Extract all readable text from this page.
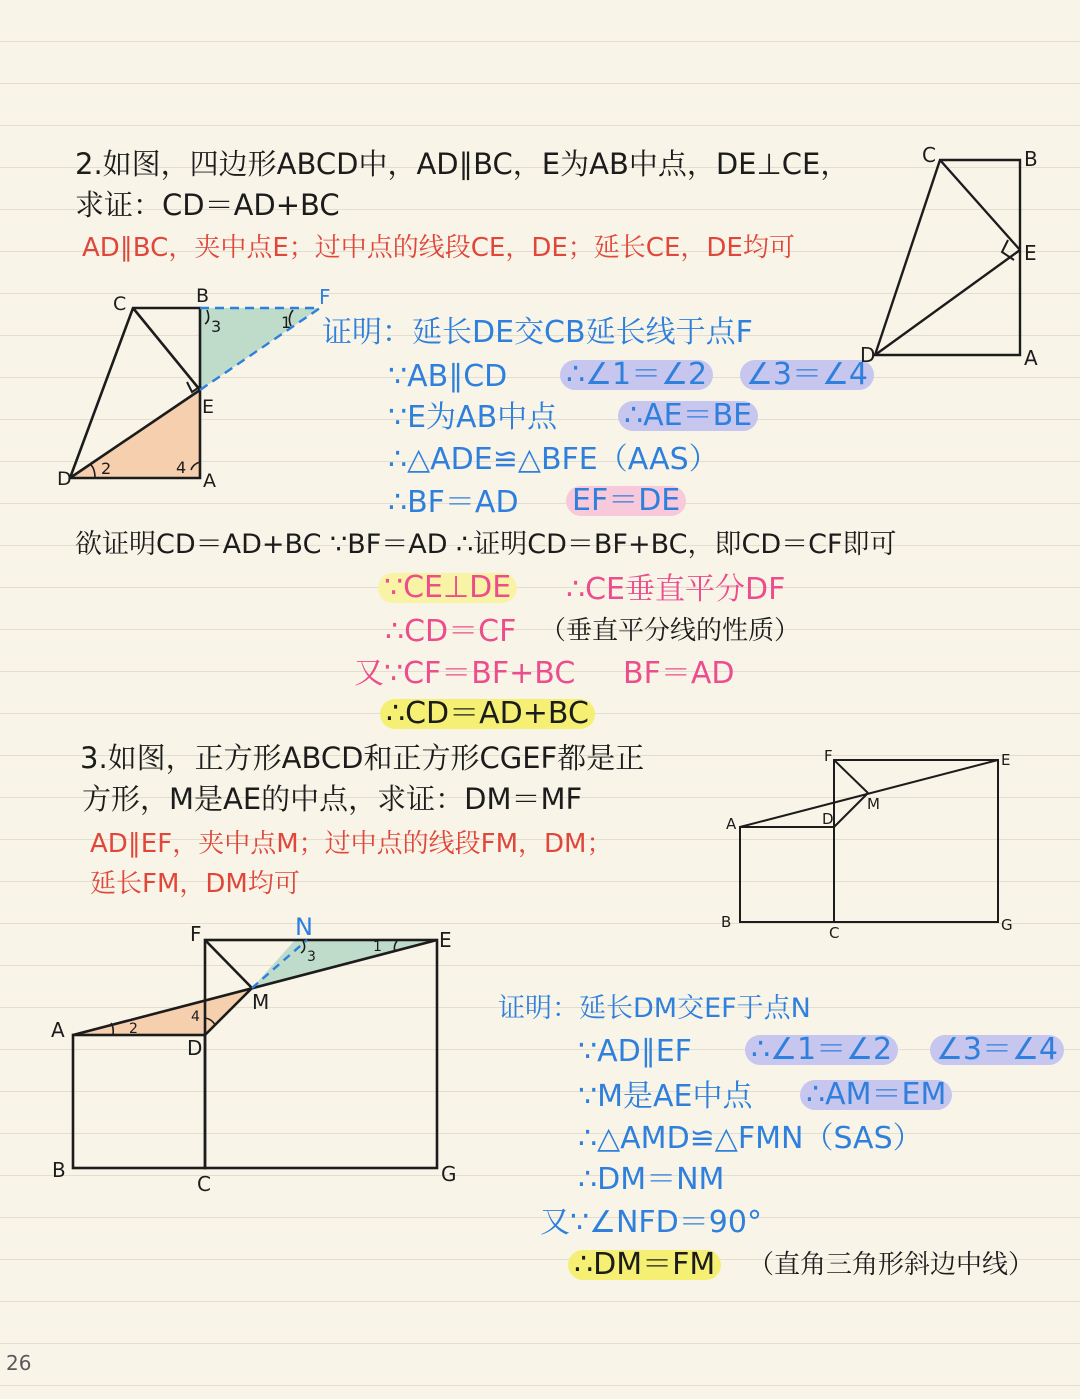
2.如图，四边形ABCD中，AD∥BC，E为AB中点，DE⊥CE，
求证：CD＝AD+BC
AD∥BC，夹中点E；过中点的线段CE，DE；延长CE，DE均可
证明：延长DE交CB延长线于点F
∵AB∥CD ∴∠1＝∠2 ∠3＝∠4
∵E为AB中点 ∴AE＝BE
∴△ADE≌△BFE（AAS）
∴BF＝AD EF＝DE
欲证明CD＝AD+BC ∵BF＝AD ∴证明CD＝BF+BC，即CD＝CF即可
∵CE⊥DE ∴CE垂直平分DF
∴CD＝CF （垂直平分线的性质）
又∵CF＝BF+BC BF＝AD
∴CD＝AD+BC
C	B
E
D	A
C	B	F
E
D	A
1
2
3
4
3.如图，正方形ABCD和正方形CGEF都是正
方形，M是AE的中点，求证：DM＝MF
AD∥EF，夹中点M；过中点的线段FM，DM；
延长FM，DM均可
证明：延长DM交EF于点N
∵AD∥EF ∴∠1＝∠2 ∠3＝∠4
∵M是AE中点 ∴AM＝EM
∴△AMD≌△FMN（SAS）
∴DM＝NM
又∵∠NFD＝90°
∴DM＝FM （直角三角形斜边中线）
F	E
M
A	D
B
C	G
F	N	E
A
M
D
B
C	G
1
2
3
4
26
